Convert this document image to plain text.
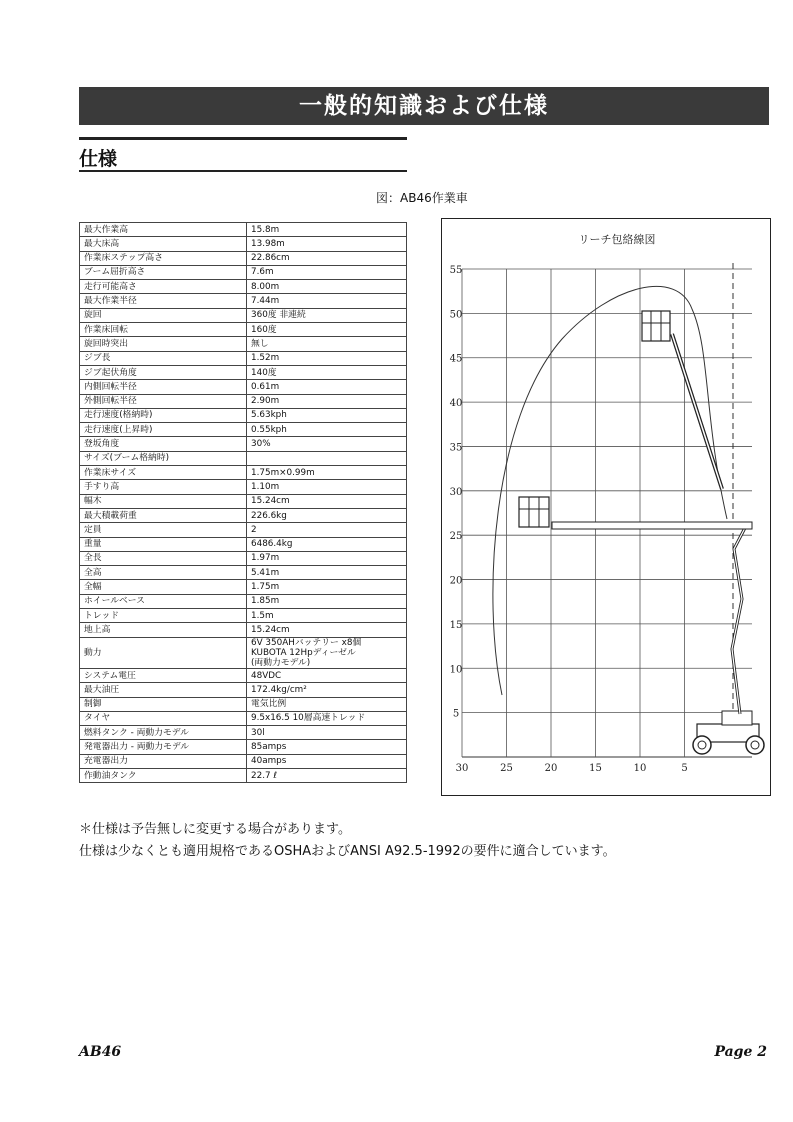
一般的知識および仕様
仕様
図：AB46作業車
最大作業高	15.8m
最大床高	13.98m
作業床ステップ高さ	22.86cm
ブーム屈折高さ	7.6m
走行可能高さ	8.00m
最大作業半径	7.44m
旋回	360度 非連続
作業床回転	160度
旋回時突出	無し
ジブ長	1.52m
ジブ起伏角度	140度
内側回転半径	0.61m
外側回転半径	2.90m
走行速度(格納時)	5.63kph
走行速度(上昇時)	0.55kph
登坂角度	30%
サイズ(ブーム格納時)	
作業床サイズ	1.75m×0.99m
手すり高	1.10m
幅木	15.24cm
最大積載荷重	226.6kg
定員	2
重量	6486.4kg
全長	1.97m
全高	5.41m
全幅	1.75m
ホイールベース	1.85m
トレッド	1.5m
地上高	15.24cm
動力	6V 350AHバッテリー x8個
KUBOTA 12Hpディーゼル
(両動力モデル)
システム電圧	48VDC
最大油圧	172.4kg/cm²
制御	電気比例
タイヤ	9.5x16.5 10層高速トレッド
燃料タンク - 両動力モデル	30l
発電器出力 - 両動力モデル	85amps
充電器出力	40amps
作動油タンク	22.7 ℓ
リーチ包絡線図
55
50
45
40
35
30
25
20
15
10
5
30	25	20	15	10	5
＊仕様は予告無しに変更する場合があります。
仕様は少なくとも適用規格であるOSHAおよびANSI A92.5-1992の要件に適合しています。
AB46	Page 2
